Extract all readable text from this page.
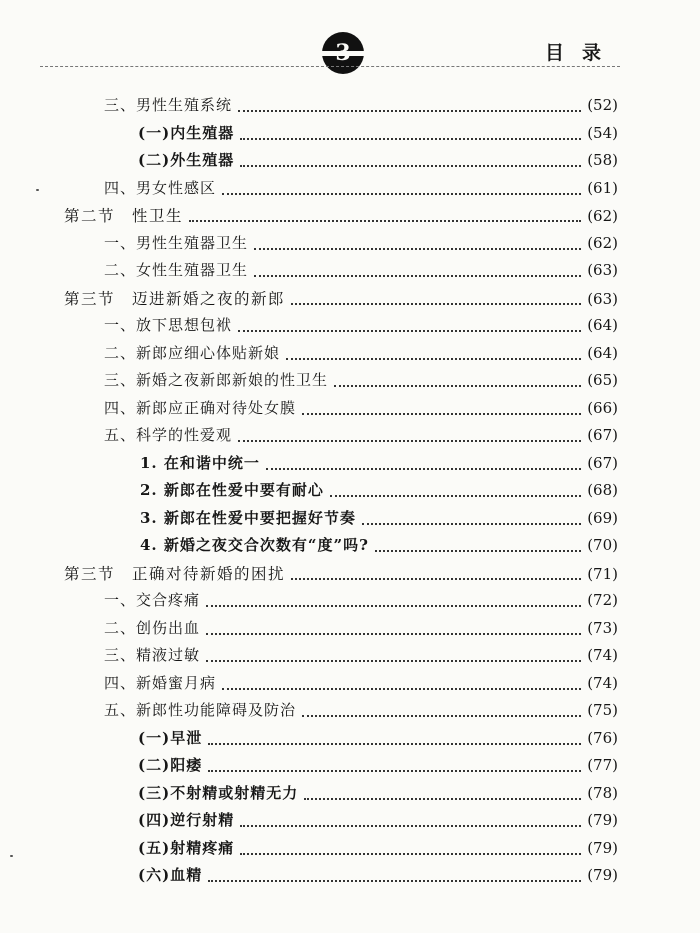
3	目录
三、男性生殖系统	(52)
(一)内生殖器	(54)
(二)外生殖器	(58)
四、男女性感区	(61)
第二节　性卫生	(62)
一、男性生殖器卫生	(62)
二、女性生殖器卫生	(63)
第三节　迈进新婚之夜的新郎	(63)
一、放下思想包袱	(64)
二、新郎应细心体贴新娘	(64)
三、新婚之夜新郎新娘的性卫生	(65)
四、新郎应正确对待处女膜	(66)
五、科学的性爱观	(67)
1. 在和谐中统一	(67)
2. 新郎在性爱中要有耐心	(68)
3. 新郎在性爱中要把握好节奏	(69)
4. 新婚之夜交合次数有“度”吗?	(70)
第三节　正确对待新婚的困扰	(71)
一、交合疼痛	(72)
二、创伤出血	(73)
三、精液过敏	(74)
四、新婚蜜月病	(74)
五、新郎性功能障碍及防治	(75)
(一)早泄	(76)
(二)阳痿	(77)
(三)不射精或射精无力	(78)
(四)逆行射精	(79)
(五)射精疼痛	(79)
(六)血精	(79)
